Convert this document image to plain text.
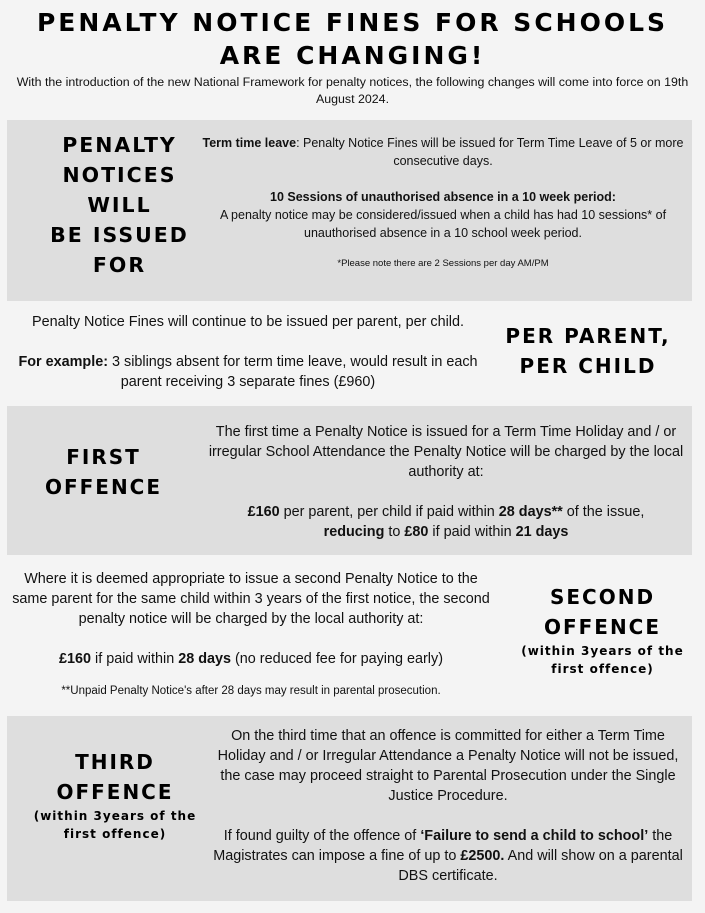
PENALTY NOTICE FINES FOR SCHOOLS
ARE CHANGING!
With the introduction of the new National Framework for penalty notices, the following changes will come into force on 19th August 2024.
PENALTY
NOTICES
WILL
BE ISSUED
FOR

Term time leave: Penalty Notice Fines will be issued for Term Time Leave of 5 or more consecutive days.

10 Sessions of unauthorised absence in a 10 week period:
A penalty notice may be considered/issued when a child has had 10 sessions* of unauthorised absence in a 10 school week period.

*Please note there are 2 Sessions per day AM/PM

Penalty Notice Fines will continue to be issued per parent, per child.

For example: 3 siblings absent for term time leave, would result in each parent receiving 3 separate fines (£960)

PER PARENT,
PER CHILD
FIRST
OFFENCE

The first time a Penalty Notice is issued for a Term Time Holiday and / or irregular School Attendance the Penalty Notice will be charged by the local authority at:

£160 per parent, per child if paid within 28 days** of the issue,
reducing to £80 if paid within 21 days

Where it is deemed appropriate to issue a second Penalty Notice to the same parent for the same child within 3 years of the first notice, the second penalty notice will be charged by the local authority at:

£160 if paid within 28 days (no reduced fee for paying early)

**Unpaid Penalty Notice's after 28 days may result in parental prosecution.

SECOND
OFFENCE
(within 3years of the
first offence)
THIRD
OFFENCE
(within 3years of the
first offence)

On the third time that an offence is committed for either a Term Time Holiday and / or Irregular Attendance a Penalty Notice will not be issued, the case may proceed straight to Parental Prosecution under the Single Justice Procedure.

If found guilty of the offence of ‘Failure to send a child to school’ the Magistrates can impose a fine of up to £2500. And will show on a parental DBS certificate.
